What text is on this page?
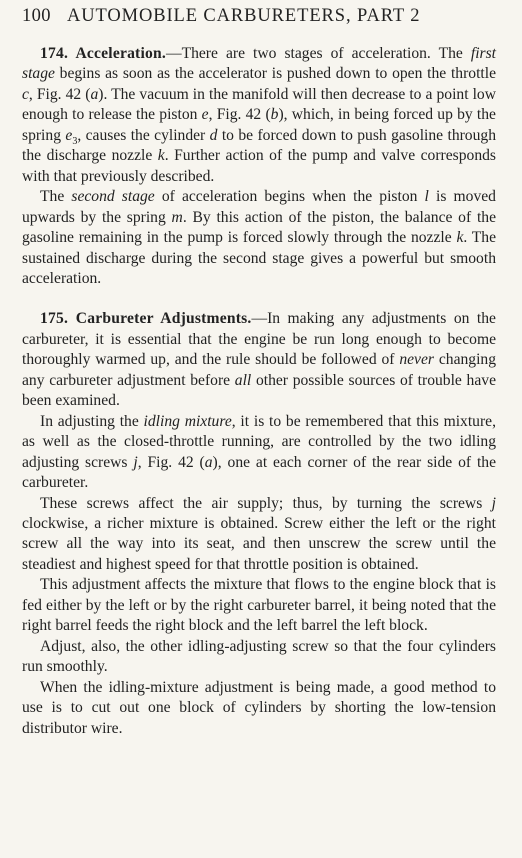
100 AUTOMOBILE CARBURETERS, PART 2

174. Acceleration.—There are two stages of acceleration. The first stage begins as soon as the accelerator is pushed down to open the throttle c, Fig. 42 (a). The vacuum in the manifold will then decrease to a point low enough to release the piston e, Fig. 42 (b), which, in being forced up by the spring $e_3$, causes the cylinder d to be forced down to push gasoline through the discharge nozzle k. Further action of the pump and valve corresponds with that previously described.

The second stage of acceleration begins when the piston l is moved upwards by the spring m. By this action of the piston, the balance of the gasoline remaining in the pump is forced slowly through the nozzle k. The sustained discharge during the second stage gives a powerful but smooth acceleration.

175. Carbureter Adjustments.—In making any adjustments on the carbureter, it is essential that the engine be run long enough to become thoroughly warmed up, and the rule should be followed of never changing any carbureter adjustment before all other possible sources of trouble have been examined.

In adjusting the idling mixture, it is to be remembered that this mixture, as well as the closed-throttle running, are controlled by the two idling adjusting screws j, Fig. 42 (a), one at each corner of the rear side of the carbureter.

These screws affect the air supply; thus, by turning the screws j clockwise, a richer mixture is obtained. Screw either the left or the right screw all the way into its seat, and then unscrew the screw until the steadiest and highest speed for that throttle position is obtained.

This adjustment affects the mixture that flows to the engine block that is fed either by the left or by the right carbureter barrel, it being noted that the right barrel feeds the right block and the left barrel the left block.

Adjust, also, the other idling-adjusting screw so that the four cylinders run smoothly.

When the idling-mixture adjustment is being made, a good method to use is to cut out one block of cylinders by shorting the low-tension distributor wire.
